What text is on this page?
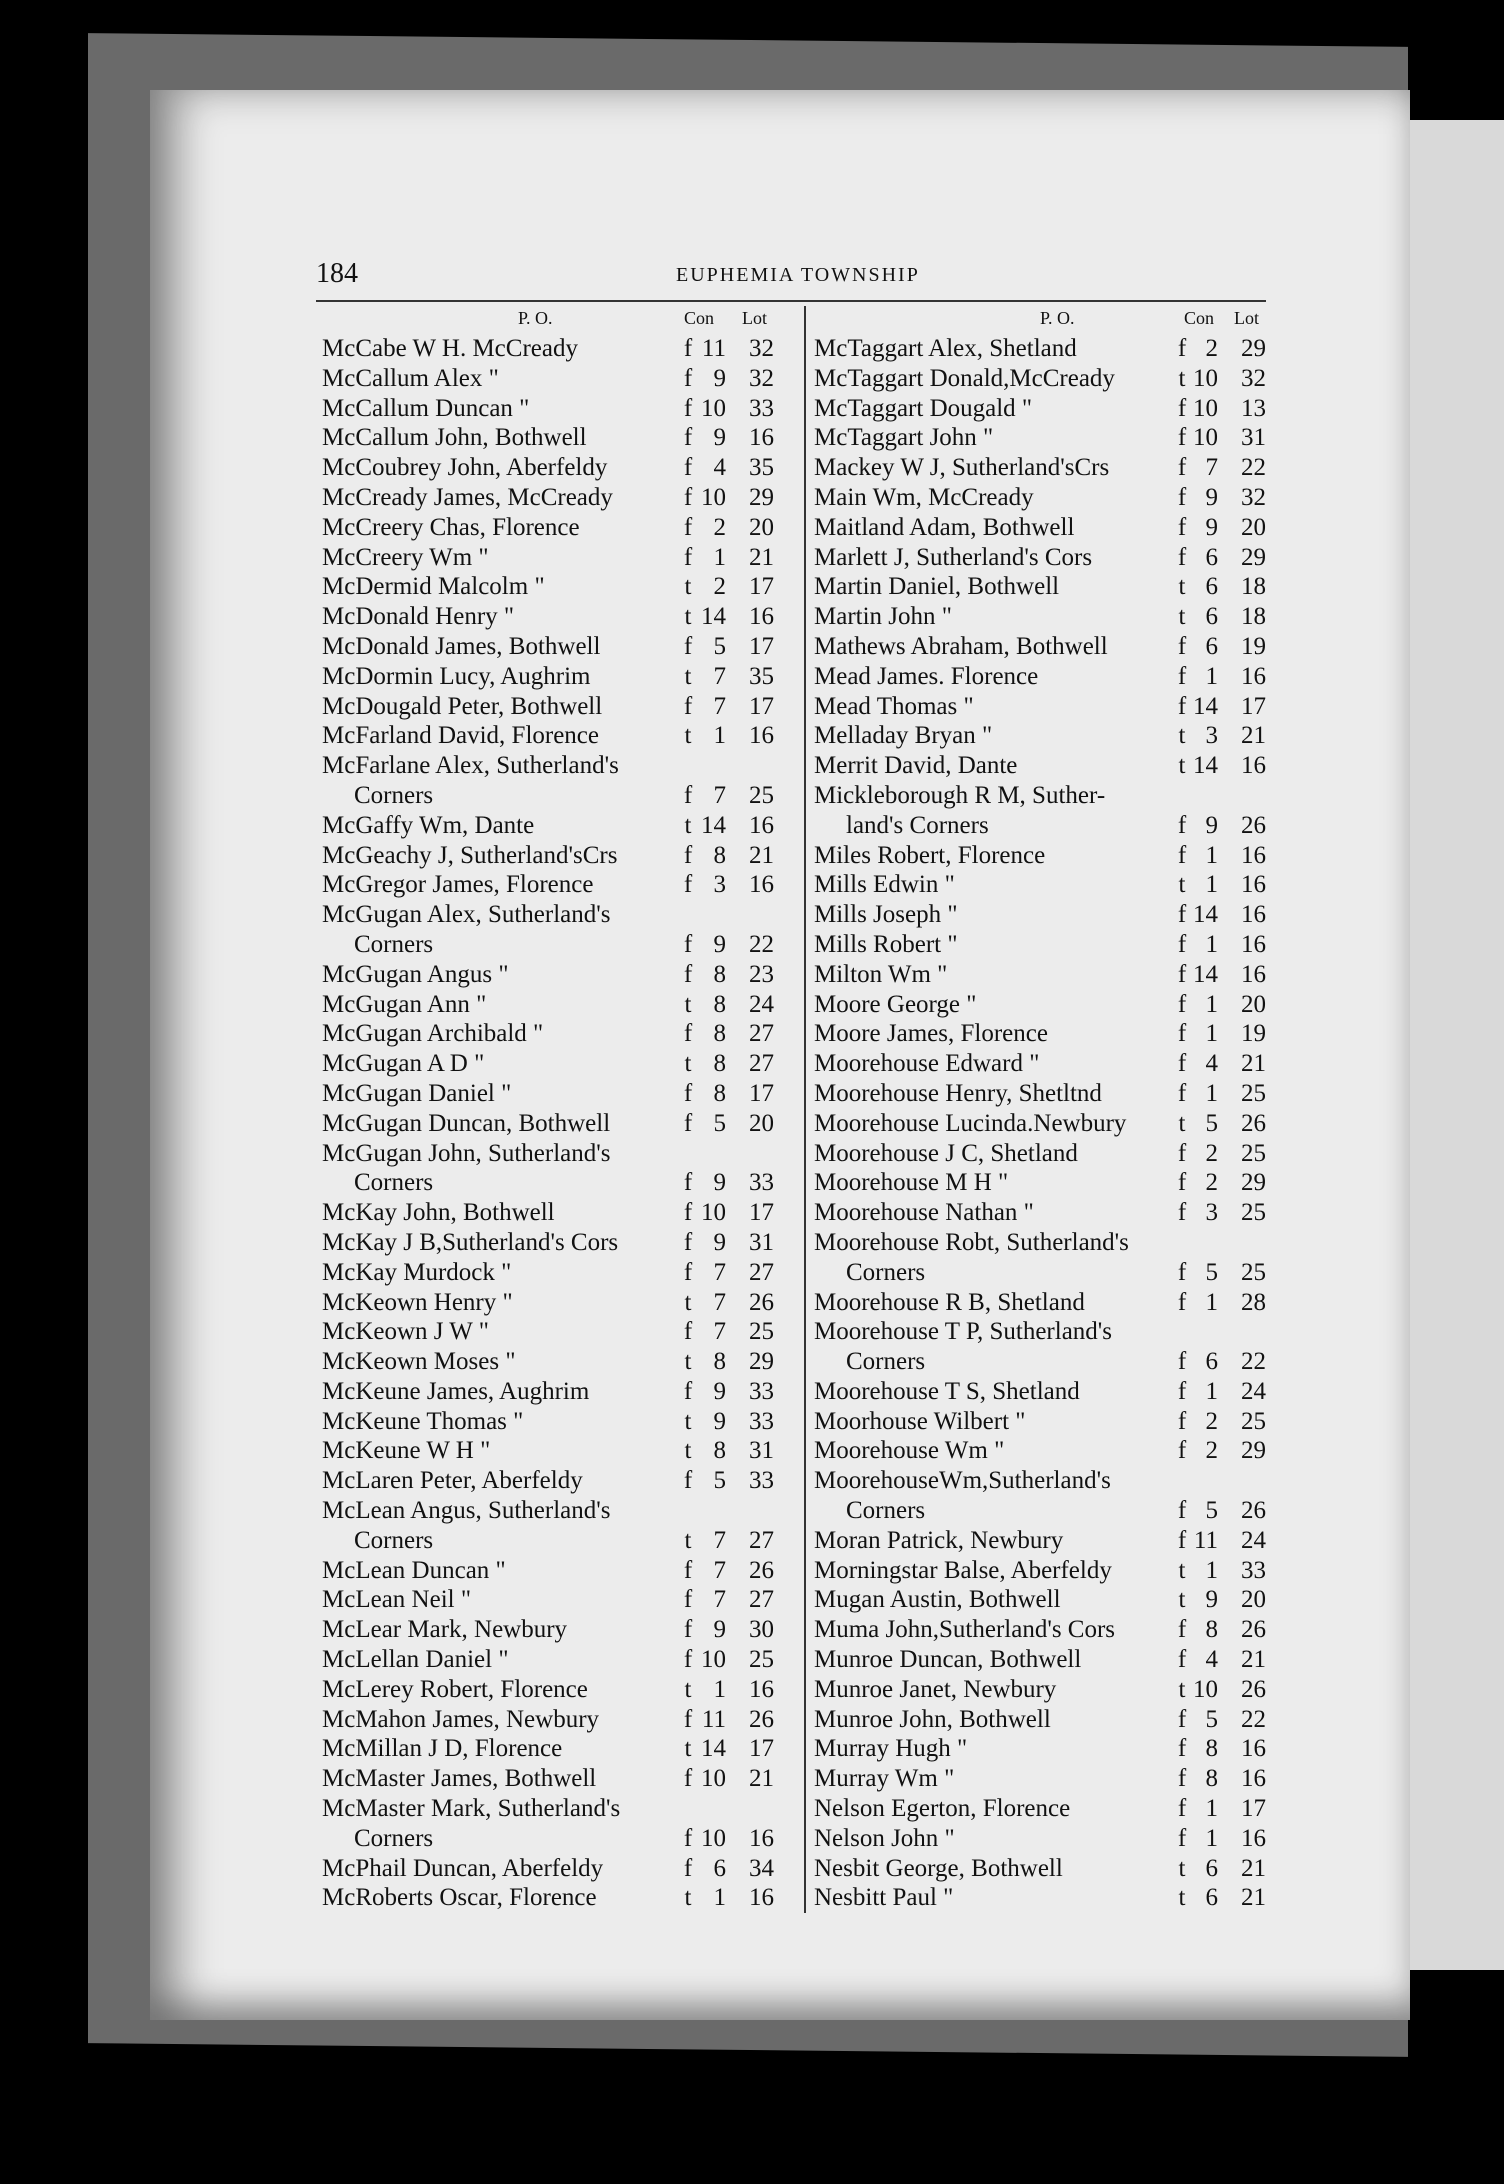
184	EUPHEMIA TOWNSHIP
P. O.	Con Lot
McCabe W H. McCready	f 11 32
McCallum Alex "	f 9 32
McCallum Duncan "	f 10 33
McCallum John, Bothwell	f 9 16
McCoubrey John, Aberfeldy	f 4 35
McCready James, McCready	f 10 29
McCreery Chas, Florence	f 2 20
McCreery Wm "	f 1 21
McDermid Malcolm "	t 2 17
McDonald Henry "	t 14 16
McDonald James, Bothwell	f 5 17
McDormin Lucy, Aughrim	t 7 35
McDougald Peter, Bothwell	f 7 17
McFarland David, Florence	t 1 16
McFarlane Alex, Sutherland's
Corners	f 7 25
McGaffy Wm, Dante	t 14 16
McGeachy J, Sutherland'sCrs	f 8 21
McGregor James, Florence	f 3 16
McGugan Alex, Sutherland's
Corners	f 9 22
McGugan Angus "	f 8 23
McGugan Ann "	t 8 24
McGugan Archibald "	f 8 27
McGugan A D "	t 8 27
McGugan Daniel "	f 8 17
McGugan Duncan, Bothwell	f 5 20
McGugan John, Sutherland's
Corners	f 9 33
McKay John, Bothwell	f 10 17
McKay J B,Sutherland's Cors	f 9 31
McKay Murdock "	f 7 27
McKeown Henry "	t 7 26
McKeown J W "	f 7 25
McKeown Moses "	t 8 29
McKeune James, Aughrim	f 9 33
McKeune Thomas "	t 9 33
McKeune W H "	t 8 31
McLaren Peter, Aberfeldy	f 5 33
McLean Angus, Sutherland's
Corners	t 7 27
McLean Duncan "	f 7 26
McLean Neil "	f 7 27
McLear Mark, Newbury	f 9 30
McLellan Daniel "	f 10 25
McLerey Robert, Florence	t 1 16
McMahon James, Newbury	f 11 26
McMillan J D, Florence	t 14 17
McMaster James, Bothwell	f 10 21
McMaster Mark, Sutherland's
Corners	f 10 16
McPhail Duncan, Aberfeldy	f 6 34
McRoberts Oscar, Florence	t 1 16
P. O.	Con Lot
McTaggart Alex, Shetland	f 2 29
McTaggart Donald,McCready	t 10 32
McTaggart Dougald "	f 10 13
McTaggart John "	f 10 31
Mackey W J, Sutherland'sCrs	f 7 22
Main Wm, McCready	f 9 32
Maitland Adam, Bothwell	f 9 20
Marlett J, Sutherland's Cors	f 6 29
Martin Daniel, Bothwell	t 6 18
Martin John "	t 6 18
Mathews Abraham, Bothwell	f 6 19
Mead James. Florence	f 1 16
Mead Thomas "	f 14 17
Melladay Bryan "	t 3 21
Merrit David, Dante	t 14 16
Mickleborough R M, Suther-
land's Corners	f 9 26
Miles Robert, Florence	f 1 16
Mills Edwin "	t 1 16
Mills Joseph "	f 14 16
Mills Robert "	f 1 16
Milton Wm "	f 14 16
Moore George "	f 1 20
Moore James, Florence	f 1 19
Moorehouse Edward "	f 4 21
Moorehouse Henry, Shetltnd	f 1 25
Moorehouse Lucinda.Newbury t 5 26
Moorehouse J C, Shetland	f 2 25
Moorehouse M H "	f 2 29
Moorehouse Nathan "	f 3 25
Moorehouse Robt, Sutherland's
Corners	f 5 25
Moorehouse R B, Shetland	f 1 28
Moorehouse T P, Sutherland's
Corners	f 6 22
Moorehouse T S, Shetland	f 1 24
Moorhouse Wilbert "	f 2 25
Moorehouse Wm "	f 2 29
MoorehouseWm,Sutherland's
Corners	f 5 26
Moran Patrick, Newbury	f 11 24
Morningstar Balse, Aberfeldy	t 1 33
Mugan Austin, Bothwell	t 9 20
Muma John,Sutherland's Cors	f 8 26
Munroe Duncan, Bothwell	f 4 21
Munroe Janet, Newbury	t 10 26
Munroe John, Bothwell	f 5 22
Murray Hugh "	f 8 16
Murray Wm "	f 8 16
Nelson Egerton, Florence	f 1 17
Nelson John "	f 1 16
Nesbit George, Bothwell	t 6 21
Nesbitt Paul "	t 6 21
